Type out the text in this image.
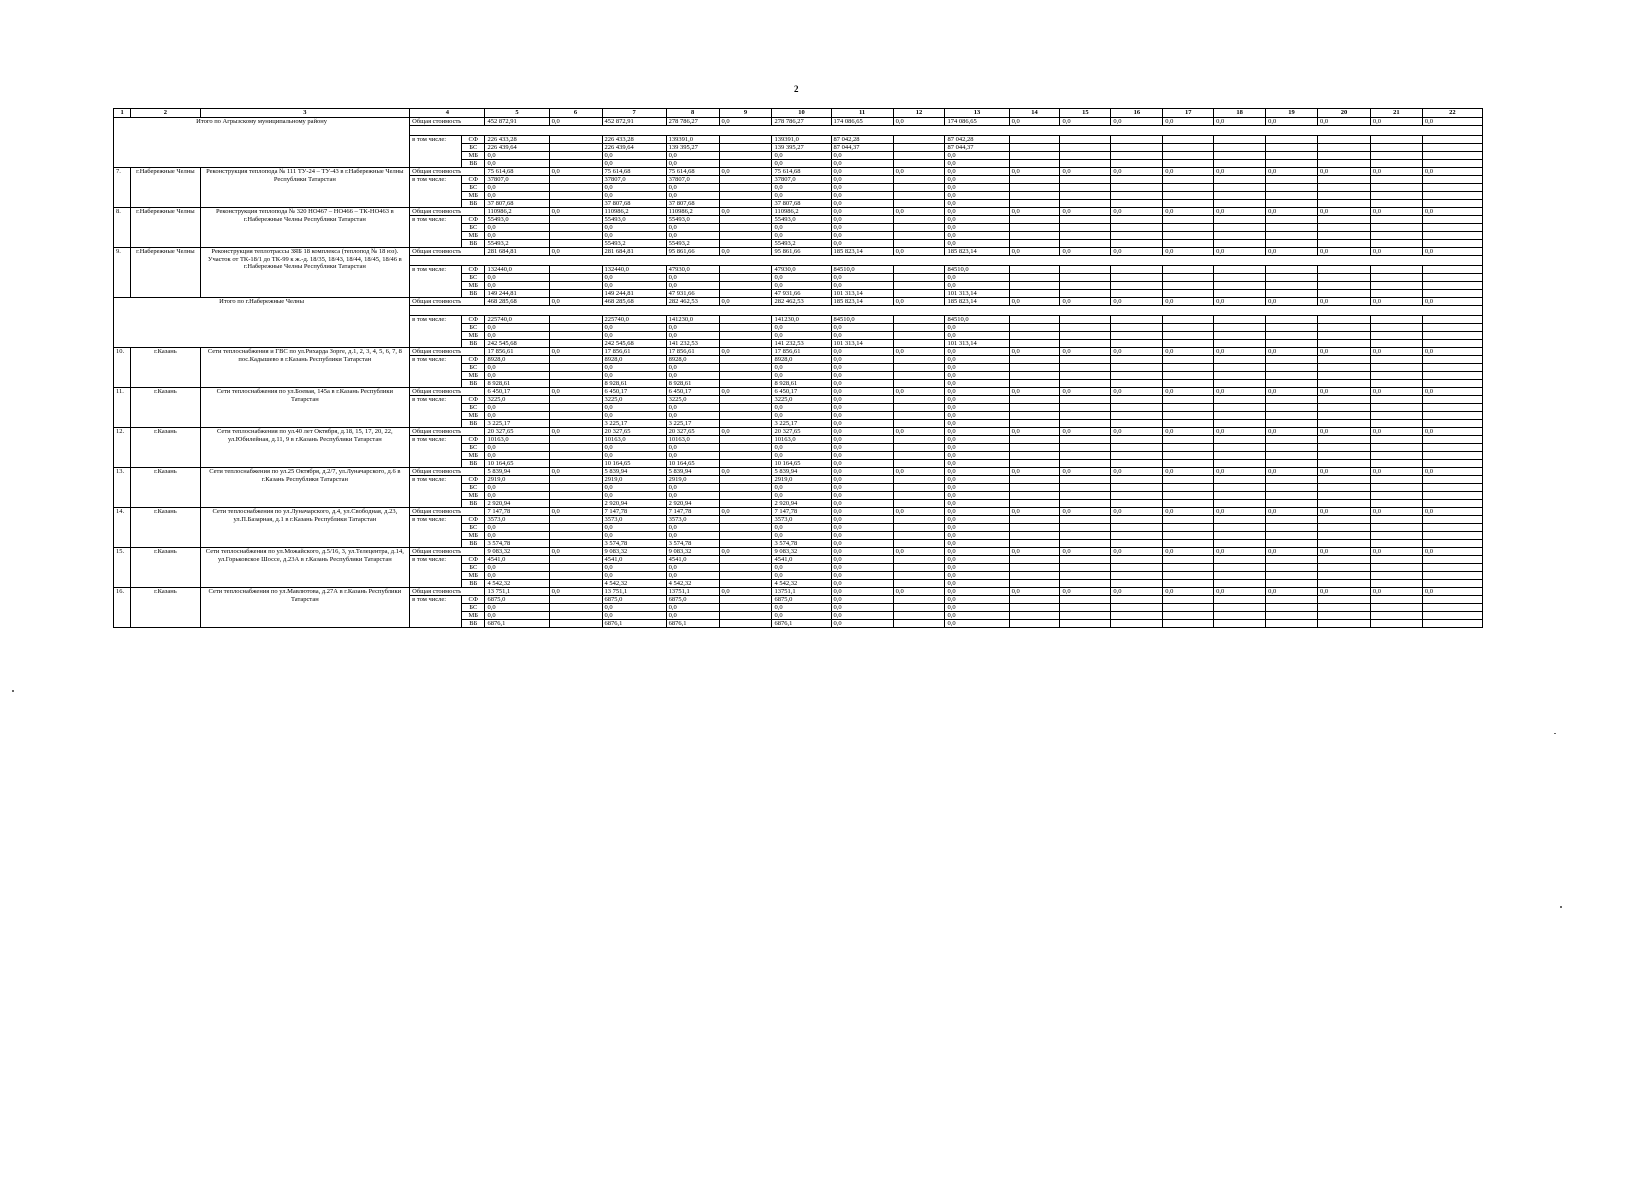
2
1	2	3	4		5	6	7	8	9	10	11	12	13	14	15	16	17	18	19	20	21	22
Итого по Агрызскому муниципальному району			Общая стоимость		452 872,91	0,0	452 872,91	278 786,27	0,0	278 786,27	174 086,65	0,0	174 086,65	0,0	0,0	0,0	0,0	0,0	0,0	0,0	0,0	0,0

			в том числе:	СФ	226 433,28		226 433,28	139391,0		139391,0	87 042,28		87 042,28									
				БС	226 439,64		226 439,64	139 395,27		139 395,27	87 044,37		87 044,37									
				МБ	0,0		0,0	0,0		0,0	0,0		0,0									
				ВБ	0,0		0,0	0,0		0,0	0,0		0,0									
7.	г.Набережные Челны	Реконструкция теплопода № 111 ТУ-24 – ТУ-43 в г.Набережные Челны Республики Татарстан	Общая стоимость		75 614,68	0,0	75 614,68	75 614,68	0,0	75 614,68	0,0	0,0	0,0	0,0	0,0	0,0	0,0	0,0	0,0	0,0	0,0	0,0
			в том числе:	СФ	37807,0		37807,0	37807,0		37807,0	0,0		0,0									
				БС	0,0		0,0	0,0		0,0	0,0		0,0									
				МБ	0,0		0,0	0,0		0,0	0,0		0,0									
				ВБ	37 807,68		37 807,68	37 807,68		37 807,68	0,0		0,0									
8.	г.Набережные Челны	Реконструкция теплопода № 320 НО467 – НО466 – ТК-НО463 в г.Набережные Челны Республики Татарстан	Общая стоимость		110986,2	0,0	110986,2	110986,2	0,0	110986,2	0,0	0,0	0,0	0,0	0,0	0,0	0,0	0,0	0,0	0,0	0,0	0,0
			в том числе:	СФ	55493,0		55493,0	55493,0		55493,0	0,0		0,0									
				БС	0,0		0,0	0,0		0,0	0,0		0,0									
				МБ	0,0		0,0	0,0		0,0	0,0		0,0									
				ВБ	55493,2		55493,2	55493,2		55493,2	0,0		0,0									
9.	г.Набережные Челны	Реконструкция теплотрассы ЗЯБ 18 комплекса (теплопод № 18 юз). Участок от ТК-18/1 до ТК-99 к ж.-д. 18/35, 18/43, 18/44, 18/45, 18/46 в г.Набережные Челны Республики Татарстан	Общая стоимость		281 684,81	0,0	281 684,81	95 861,66	0,0	95 861,66	185 823,14	0,0	185 823,14	0,0	0,0	0,0	0,0	0,0	0,0	0,0	0,0	0,0

			в том числе:	СФ	132440,0		132440,0	47930,0		47930,0	84510,0		84510,0									
				БС	0,0		0,0	0,0		0,0	0,0		0,0									
				МБ	0,0		0,0	0,0		0,0	0,0		0,0									
				ВБ	149 244,81		149 244,81	47 931,66		47 931,66	101 313,14		101 313,14									
Итого по г.Набережные Челны			Общая стоимость		468 285,68	0,0	468 285,68	282 462,53	0,0	282 462,53	185 823,14	0,0	185 823,14	0,0	0,0	0,0	0,0	0,0	0,0	0,0	0,0	0,0

			в том числе:	СФ	225740,0		225740,0	141230,0		141230,0	84510,0		84510,0									
				БС	0,0		0,0	0,0		0,0	0,0		0,0									
				МБ	0,0		0,0	0,0		0,0	0,0		0,0									
				ВБ	242 545,68		242 545,68	141 232,53		141 232,53	101 313,14		101 313,14									
10.	г.Казань	Сети теплоснабжения и ГВС по ул.Рихарда Зорге, д.1, 2, 3, 4, 5, 6, 7, 8 пос.Кадышево в г.Казань Республики Татарстан	Общая стоимость		17 856,61	0,0	17 856,61	17 856,61	0,0	17 856,61	0,0	0,0	0,0	0,0	0,0	0,0	0,0	0,0	0,0	0,0	0,0	0,0
			в том числе:	СФ	8928,0		8928,0	8928,0		8928,0	0,0		0,0									
				БС	0,0		0,0	0,0		0,0	0,0		0,0									
				МБ	0,0		0,0	0,0		0,0	0,0		0,0									
				ВБ	8 928,61		8 928,61	8 928,61		8 928,61	0,0		0,0									
11.	г.Казань	Сети теплоснабжения по ул.Боевая, 145а в г.Казань Республики Татарстан	Общая стоимость		6 450,17	0,0	6 450,17	6 450,17	0,0	6 450,17	0,0	0,0	0,0	0,0	0,0	0,0	0,0	0,0	0,0	0,0	0,0	0,0
			в том числе:	СФ	3225,0		3225,0	3225,0		3225,0	0,0		0,0									
				БС	0,0		0,0	0,0		0,0	0,0		0,0									
				МБ	0,0		0,0	0,0		0,0	0,0		0,0									
				ВБ	3 225,17		3 225,17	3 225,17		3 225,17	0,0		0,0									
12.	г.Казань	Сети теплоснабжения по ул.40 лет Октября, д.18, 15, 17, 20, 22, ул.Юбилейная, д.11, 9 в г.Казань Республики Татарстан	Общая стоимость		20 327,65	0,0	20 327,65	20 327,65	0,0	20 327,65	0,0	0,0	0,0	0,0	0,0	0,0	0,0	0,0	0,0	0,0	0,0	0,0
			в том числе:	СФ	10163,0		10163,0	10163,0		10163,0	0,0		0,0									
				БС	0,0		0,0	0,0		0,0	0,0		0,0									
				МБ	0,0		0,0	0,0		0,0	0,0		0,0									
				ВБ	10 164,65		10 164,65	10 164,65		10 164,65	0,0		0,0									
13.	г.Казань	Сети теплоснабжения по ул.25 Октября, д.2/7, ул.Луначарского, д.6 в г.Казань Республики Татарстан	Общая стоимость		5 839,94	0,0	5 839,94	5 839,94	0,0	5 839,94	0,0	0,0	0,0	0,0	0,0	0,0	0,0	0,0	0,0	0,0	0,0	0,0
			в том числе:	СФ	2919,0		2919,0	2919,0		2919,0	0,0		0,0									
				БС	0,0		0,0	0,0		0,0	0,0		0,0									
				МБ	0,0		0,0	0,0		0,0	0,0		0,0									
				ВБ	2 920,94		2 920,94	2 920,94		2 920,94	0,0		0,0									
14.	г.Казань	Сети теплоснабжения по ул.Луначарского, д.4, ул.Свободная, д.23, ул.П.Базарная, д.1 в г.Казань Республики Татарстан	Общая стоимость		7 147,78	0,0	7 147,78	7 147,78	0,0	7 147,78	0,0	0,0	0,0	0,0	0,0	0,0	0,0	0,0	0,0	0,0	0,0	0,0
			в том числе:	СФ	3573,0		3573,0	3573,0		3573,0	0,0		0,0									
				БС	0,0		0,0	0,0		0,0	0,0		0,0									
				МБ	0,0		0,0	0,0		0,0	0,0		0,0									
				ВБ	3 574,78		3 574,78	3 574,78		3 574,78	0,0		0,0									
15.	г.Казань	Сети теплоснабжения по ул.Можайского, д.5/16, 3, ул.Телецентра, д.14, ул.Горьковское Шоссе, д.23А в г.Казань Республики Татарстан	Общая стоимость		9 083,32	0,0	9 083,32	9 083,32	0,0	9 083,32	0,0	0,0	0,0	0,0	0,0	0,0	0,0	0,0	0,0	0,0	0,0	0,0
			в том числе:	СФ	4541,0		4541,0	4541,0		4541,0	0,0		0,0									
				БС	0,0		0,0	0,0		0,0	0,0		0,0									
				МБ	0,0		0,0	0,0		0,0	0,0		0,0									
				ВБ	4 542,32		4 542,32	4 542,32		4 542,32	0,0		0,0									
16.	г.Казань	Сети теплоснабжения по ул.Мавлютова, д.27А в г.Казань Республики Татарстан	Общая стоимость		13 751,1	0,0	13 751,1	13751,1	0,0	13751,1	0,0	0,0	0,0	0,0	0,0	0,0	0,0	0,0	0,0	0,0	0,0	0,0
			в том числе:	СФ	6875,0		6875,0	6875,0		6875,0	0,0		0,0									
				БС	0,0		0,0	0,0		0,0	0,0		0,0									
				МБ	0,0		0,0	0,0		0,0	0,0		0,0									
				ВБ	6876,1		6876,1	6876,1		6876,1	0,0		0,0									
